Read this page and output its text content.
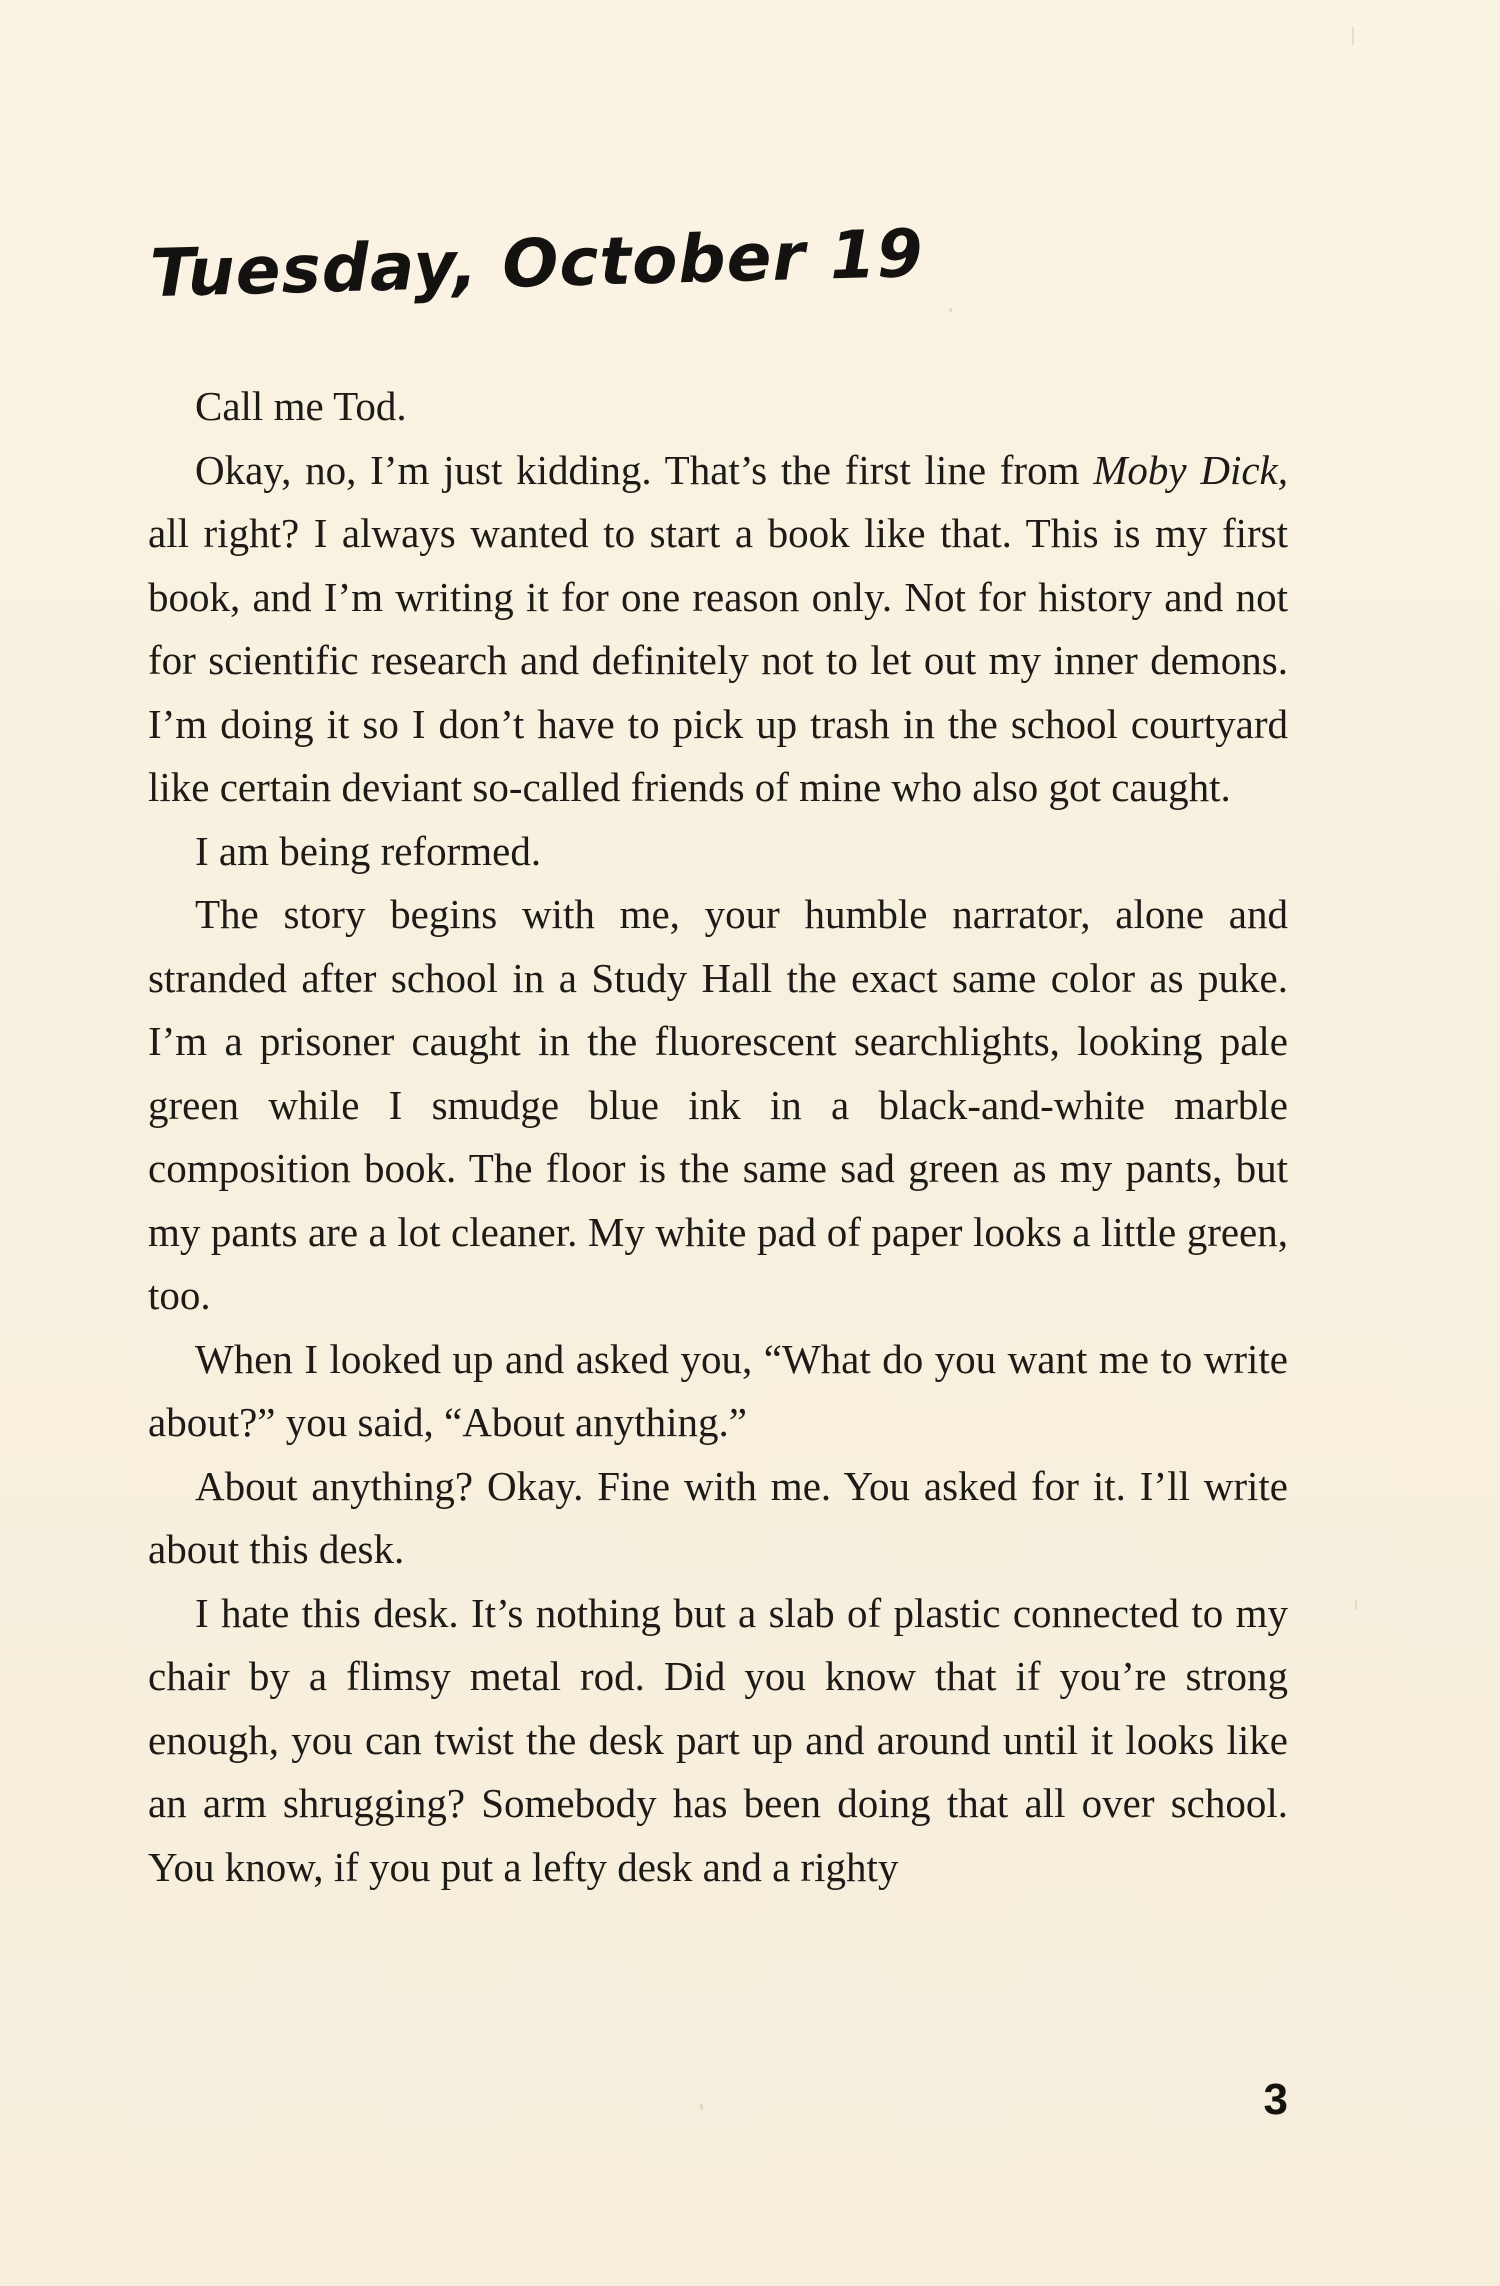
Tuesday, October 19

Call me Tod.

Okay, no, I’m just kidding. That’s the first line from Moby Dick, all right? I always wanted to start a book like that. This is my first book, and I’m writing it for one reason only. Not for history and not for scientific research and definitely not to let out my inner demons. I’m doing it so I don’t have to pick up trash in the school courtyard like certain deviant so-called friends of mine who also got caught.

I am being reformed.

The story begins with me, your humble narrator, alone and stranded after school in a Study Hall the exact same color as puke. I’m a prisoner caught in the fluorescent searchlights, looking pale green while I smudge blue ink in a black-and-white marble composition book. The floor is the same sad green as my pants, but my pants are a lot cleaner. My white pad of paper looks a little green, too.

When I looked up and asked you, “What do you want me to write about?” you said, “About anything.”

About anything? Okay. Fine with me. You asked for it. I’ll write about this desk.

I hate this desk. It’s nothing but a slab of plastic connected to my chair by a flimsy metal rod. Did you know that if you’re strong enough, you can twist the desk part up and around until it looks like an arm shrugging? Somebody has been doing that all over school. You know, if you put a lefty desk and a righty

3
